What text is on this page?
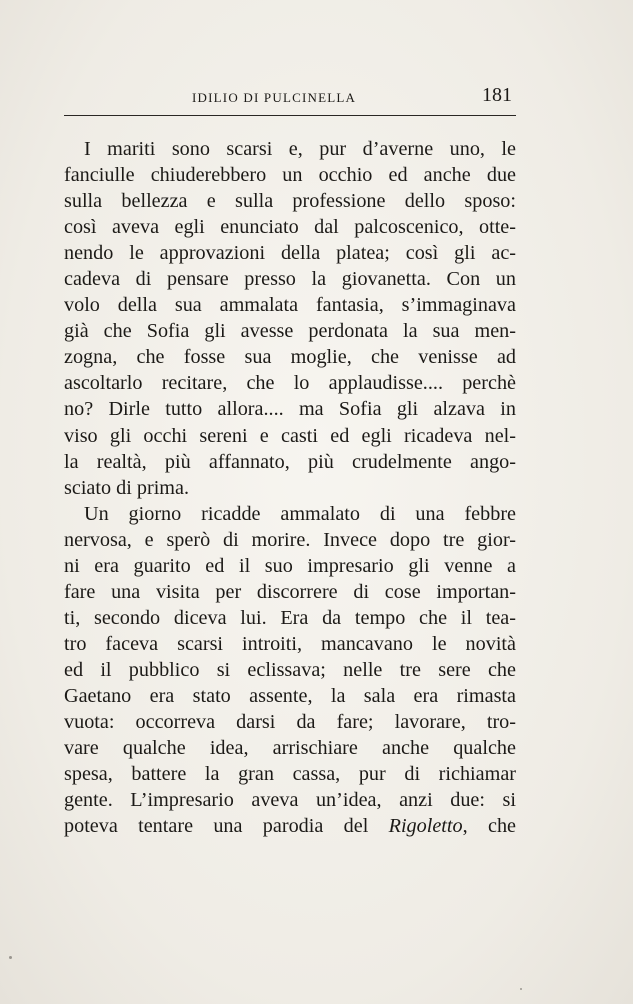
IDILIO DI PULCINELLA	181
I mariti sono scarsi e, pur d’averne uno, le
fanciulle chiuderebbero un occhio ed anche due
sulla bellezza e sulla professione dello sposo:
così aveva egli enunciato dal palcoscenico, otte-
nendo le approvazioni della platea; così gli ac-
cadeva di pensare presso la giovanetta. Con un
volo della sua ammalata fantasia, s’immaginava
già che Sofia gli avesse perdonata la sua men-
zogna, che fosse sua moglie, che venisse ad
ascoltarlo recitare, che lo applaudisse.... perchè
no? Dirle tutto allora.... ma Sofia gli alzava in
viso gli occhi sereni e casti ed egli ricadeva nel-
la realtà, più affannato, più crudelmente ango-
sciato di prima.
Un giorno ricadde ammalato di una febbre
nervosa, e sperò di morire. Invece dopo tre gior-
ni era guarito ed il suo impresario gli venne a
fare una visita per discorrere di cose importan-
ti, secondo diceva lui. Era da tempo che il tea-
tro faceva scarsi introiti, mancavano le novità
ed il pubblico si eclissava; nelle tre sere che
Gaetano era stato assente, la sala era rimasta
vuota: occorreva darsi da fare; lavorare, tro-
vare qualche idea, arrischiare anche qualche
spesa, battere la gran cassa, pur di richiamar
gente. L’impresario aveva un’idea, anzi due: si
poteva tentare una parodia del Rigoletto, che
